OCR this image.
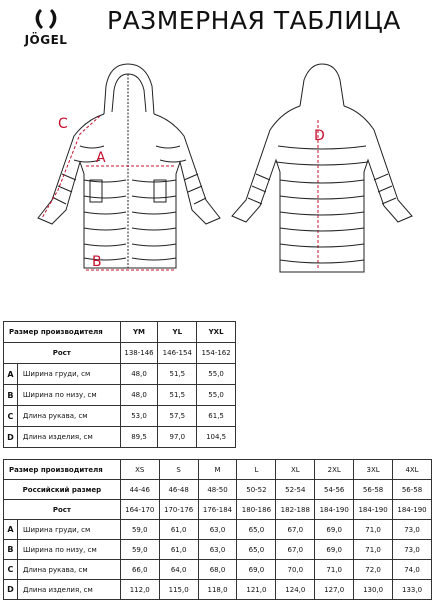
JÖGEL
РАЗМЕРНАЯ ТАБЛИЦА
A
B
C
D
Размер производителя		YM	YL	YXL
Рост		138-146	146-154	154-162
A	Ширина груди, см	48,0	51,5	55,0
B	Ширина по низу, см	48,0	51,5	55,0
C	Длина рукава, см	53,0	57,5	61,5
D	Длина изделия, см	89,5	97,0	104,5
Размер производителя		XS	S	M	L	XL	2XL	3XL	4XL
Российский размер		44-46	46-48	48-50	50-52	52-54	54-56	56-58	56-58
Рост		164-170	170-176	176-184	180-186	182-188	184-190	184-190	184-190
A	Ширина груди, см	59,0	61,0	63,0	65,0	67,0	69,0	71,0	73,0
B	Ширина по низу, см	59,0	61,0	63,0	65,0	67,0	69,0	71,0	73,0
C	Длина рукава, см	66,0	64,0	68,0	69,0	70,0	71,0	72,0	74,0
D	Длина изделия, см	112,0	115,0	118,0	121,0	124,0	127,0	130,0	133,0
